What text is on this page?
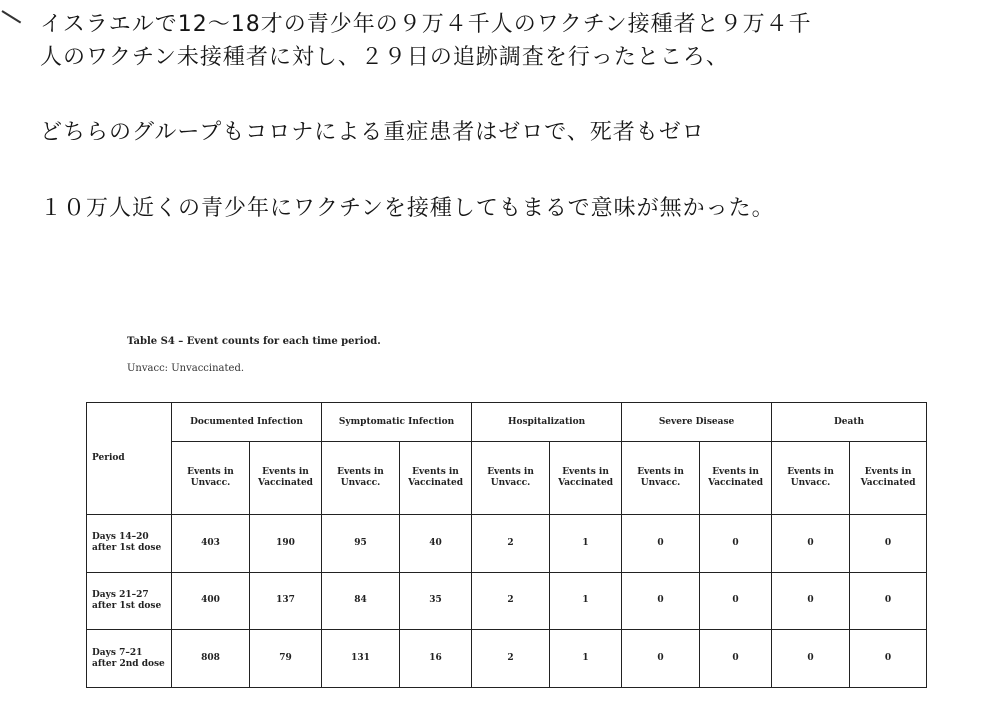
イスラエルで12～18才の青少年の９万４千人のワクチン接種者と９万４千

人のワクチン未接種者に対し、２９日の追跡調査を行ったところ、

どちらのグループもコロナによる重症患者はゼロで、死者もゼロ

１０万人近くの青少年にワクチンを接種してもまるで意味が無かった。

Table S4 – Event counts for each time period.

Unvacc: Unvaccinated.

Period	Documented Infection		Symptomatic Infection		Hospitalization		Severe Disease		Death	
	Events in Unvacc.	Events in Vaccinated	Events in Unvacc.	Events in Vaccinated	Events in Unvacc.	Events in Vaccinated	Events in Unvacc.	Events in Vaccinated	Events in Unvacc.	Events in Vaccinated
Days 14–20 after 1st dose	403	190	95	40	2	1	0	0	0	0
Days 21–27 after 1st dose	400	137	84	35	2	1	0	0	0	0
Days 7–21 after 2nd dose	808	79	131	16	2	1	0	0	0	0
